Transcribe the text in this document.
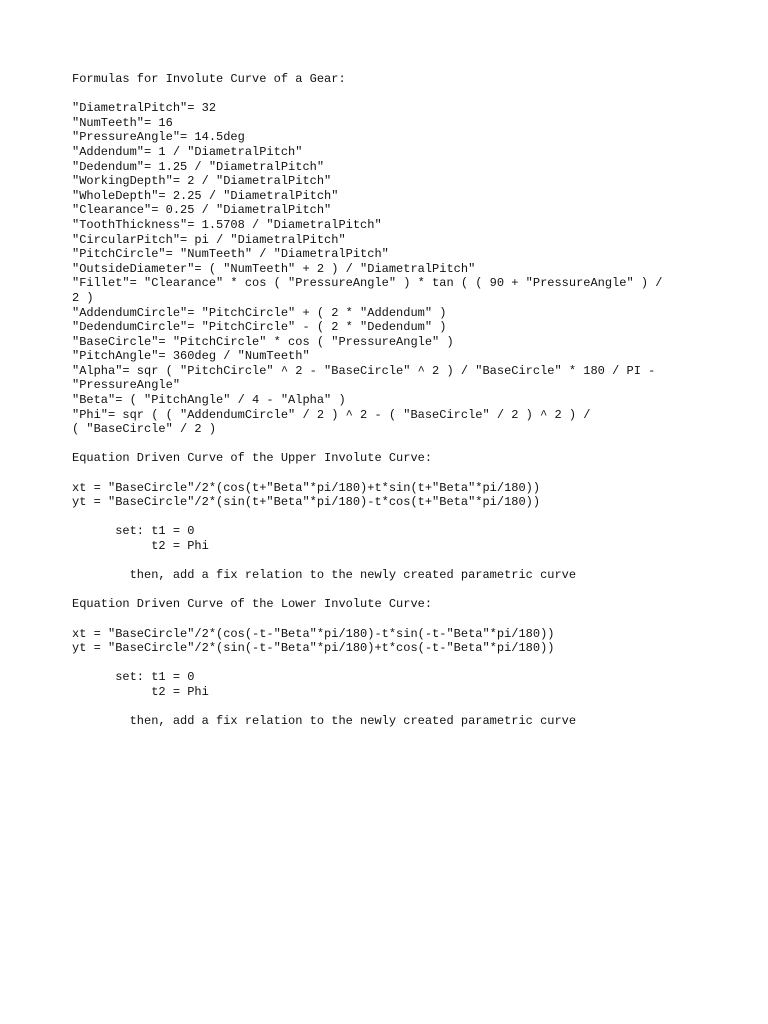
Formulas for Involute Curve of a Gear:
"DiametralPitch"= 32
"NumTeeth"= 16
"PressureAngle"= 14.5deg
"Addendum"= 1 / "DiametralPitch"
"Dedendum"= 1.25 / "DiametralPitch"
"WorkingDepth"= 2 / "DiametralPitch"
"WholeDepth"= 2.25 / "DiametralPitch"
"Clearance"= 0.25 / "DiametralPitch"
"ToothThickness"= 1.5708 / "DiametralPitch"
"CircularPitch"= pi / "DiametralPitch"
"PitchCircle"= "NumTeeth" / "DiametralPitch"
"OutsideDiameter"= ( "NumTeeth" + 2 ) / "DiametralPitch"
"Fillet"= "Clearance" * cos ( "PressureAngle" ) * tan ( ( 90 + "PressureAngle" ) /
2 )
"AddendumCircle"= "PitchCircle" + ( 2 * "Addendum" )
"DedendumCircle"= "PitchCircle" - ( 2 * "Dedendum" )
"BaseCircle"= "PitchCircle" * cos ( "PressureAngle" )
"PitchAngle"= 360deg / "NumTeeth"
"Alpha"= sqr ( "PitchCircle" ^ 2 - "BaseCircle" ^ 2 ) / "BaseCircle" * 180 / PI -
"PressureAngle"
"Beta"= ( "PitchAngle" / 4 - "Alpha" )
"Phi"= sqr ( ( "AddendumCircle" / 2 ) ^ 2 - ( "BaseCircle" / 2 ) ^ 2 ) /
( "BaseCircle" / 2 )
Equation Driven Curve of the Upper Involute Curve:
xt = "BaseCircle"/2*(cos(t+"Beta"*pi/180)+t*sin(t+"Beta"*pi/180))
yt = "BaseCircle"/2*(sin(t+"Beta"*pi/180)-t*cos(t+"Beta"*pi/180))
set: t1 = 0
t2 = Phi
then, add a fix relation to the newly created parametric curve
Equation Driven Curve of the Lower Involute Curve:
xt = "BaseCircle"/2*(cos(-t-"Beta"*pi/180)-t*sin(-t-"Beta"*pi/180))
yt = "BaseCircle"/2*(sin(-t-"Beta"*pi/180)+t*cos(-t-"Beta"*pi/180))
set: t1 = 0
t2 = Phi
then, add a fix relation to the newly created parametric curve
